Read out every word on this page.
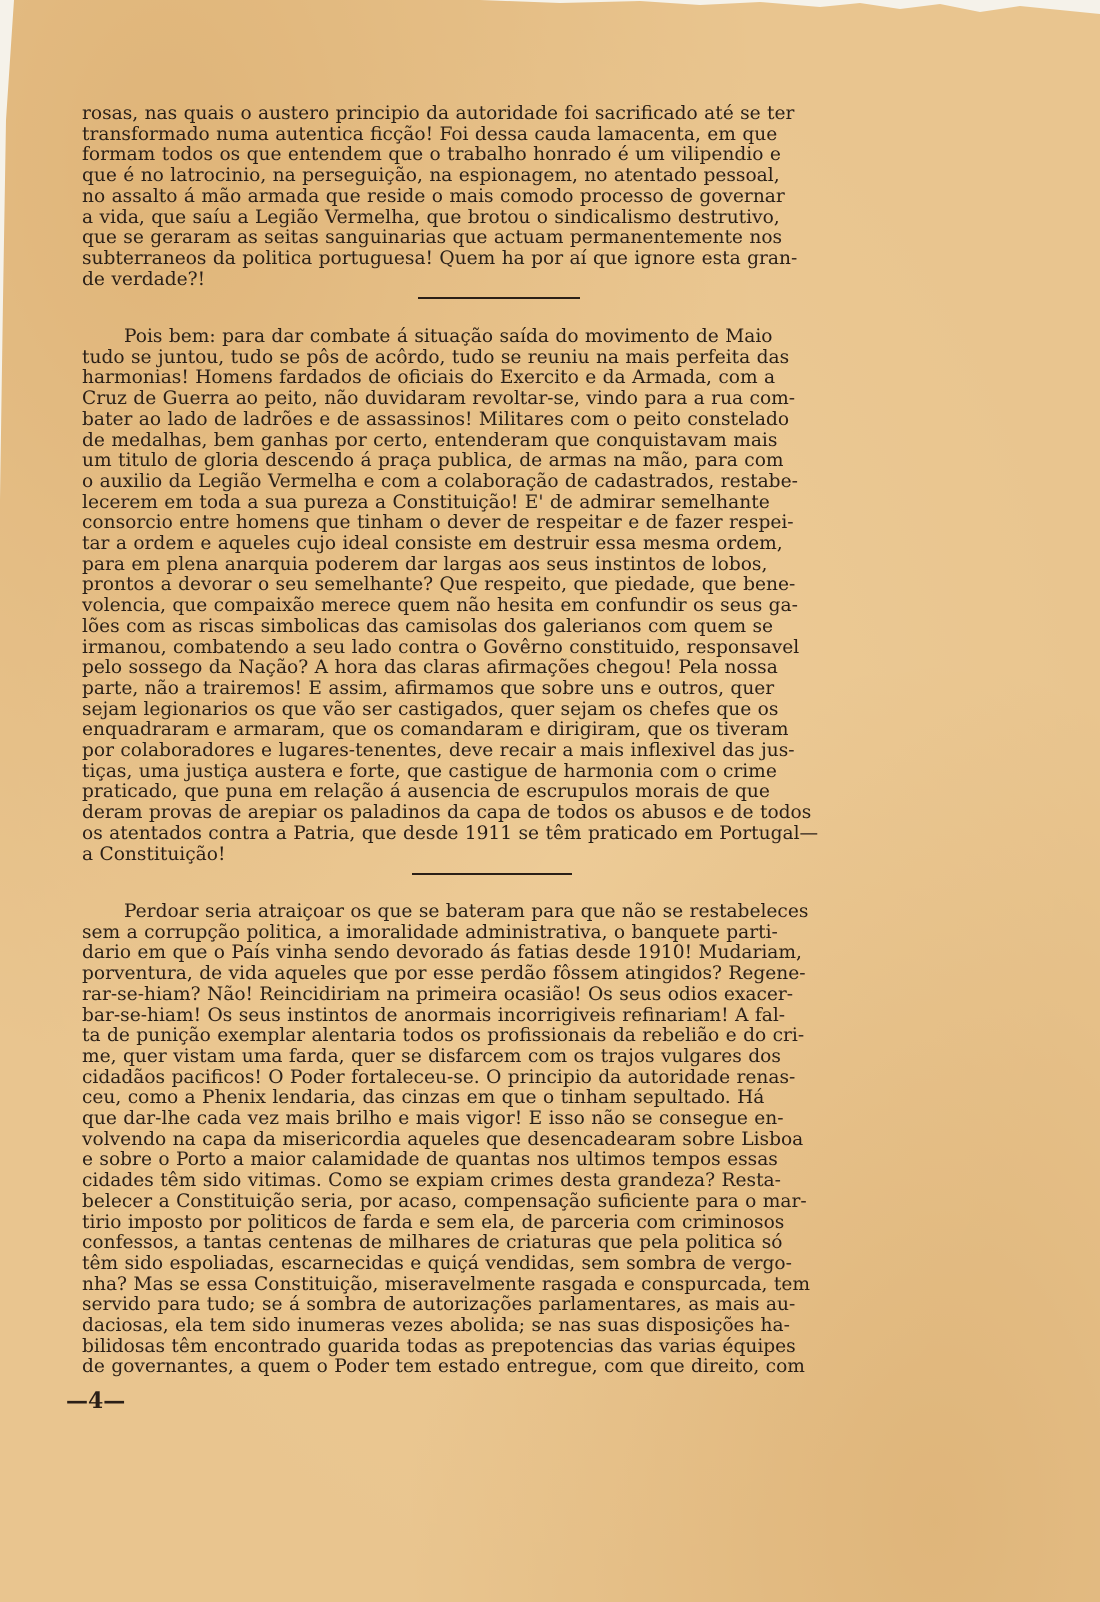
rosas, nas quais o austero principio da autoridade foi sacrificado até se ter

transformado numa autentica ficção! Foi dessa cauda lamacenta, em que

formam todos os que entendem que o trabalho honrado é um vilipendio e

que é no latrocinio, na perseguição, na espionagem, no atentado pessoal,

no assalto á mão armada que reside o mais comodo processo de governar

a vida, que saíu a Legião Vermelha, que brotou o sindicalismo destrutivo,

que se geraram as seitas sanguinarias que actuam permanentemente nos

subterraneos da politica portuguesa! Quem ha por aí que ignore esta gran-

de verdade?!

Pois bem: para dar combate á situação saída do movimento de Maio

tudo se juntou, tudo se pôs de acôrdo, tudo se reuniu na mais perfeita das

harmonias! Homens fardados de oficiais do Exercito e da Armada, com a

Cruz de Guerra ao peito, não duvidaram revoltar-se, vindo para a rua com-

bater ao lado de ladrões e de assassinos! Militares com o peito constelado

de medalhas, bem ganhas por certo, entenderam que conquistavam mais

um titulo de gloria descendo á praça publica, de armas na mão, para com

o auxilio da Legião Vermelha e com a colaboração de cadastrados, restabe-

lecerem em toda a sua pureza a Constituição! E' de admirar semelhante

consorcio entre homens que tinham o dever de respeitar e de fazer respei-

tar a ordem e aqueles cujo ideal consiste em destruir essa mesma ordem,

para em plena anarquia poderem dar largas aos seus instintos de lobos,

prontos a devorar o seu semelhante? Que respeito, que piedade, que bene-

volencia, que compaixão merece quem não hesita em confundir os seus ga-

lões com as riscas simbolicas das camisolas dos galerianos com quem se

irmanou, combatendo a seu lado contra o Govêrno constituido, responsavel

pelo sossego da Nação? A hora das claras afirmações chegou! Pela nossa

parte, não a trairemos! E assim, afirmamos que sobre uns e outros, quer

sejam legionarios os que vão ser castigados, quer sejam os chefes que os

enquadraram e armaram, que os comandaram e dirigiram, que os tiveram

por colaboradores e lugares-tenentes, deve recair a mais inflexivel das jus-

tiças, uma justiça austera e forte, que castigue de harmonia com o crime

praticado, que puna em relação á ausencia de escrupulos morais de que

deram provas de arepiar os paladinos da capa de todos os abusos e de todos

os atentados contra a Patria, que desde 1911 se têm praticado em Portugal—

a Constituição!

Perdoar seria atraiçoar os que se bateram para que não se restabeleces

sem a corrupção politica, a imoralidade administrativa, o banquete parti-

dario em que o País vinha sendo devorado ás fatias desde 1910! Mudariam,

porventura, de vida aqueles que por esse perdão fôssem atingidos? Regene-

rar-se-hiam? Não! Reincidiriam na primeira ocasião! Os seus odios exacer-

bar-se-hiam! Os seus instintos de anormais incorrigiveis refinariam! A fal-

ta de punição exemplar alentaria todos os profissionais da rebelião e do cri-

me, quer vistam uma farda, quer se disfarcem com os trajos vulgares dos

cidadãos pacificos! O Poder fortaleceu-se. O principio da autoridade renas-

ceu, como a Phenix lendaria, das cinzas em que o tinham sepultado. Há

que dar-lhe cada vez mais brilho e mais vigor! E isso não se consegue en-

volvendo na capa da misericordia aqueles que desencadearam sobre Lisboa

e sobre o Porto a maior calamidade de quantas nos ultimos tempos essas

cidades têm sido vitimas. Como se expiam crimes desta grandeza? Resta-

belecer a Constituição seria, por acaso, compensação suficiente para o mar-

tirio imposto por politicos de farda e sem ela, de parceria com criminosos

confessos, a tantas centenas de milhares de criaturas que pela politica só

têm sido espoliadas, escarnecidas e quiçá vendidas, sem sombra de vergo-

nha? Mas se essa Constituição, miseravelmente rasgada e conspurcada, tem

servido para tudo; se á sombra de autorizações parlamentares, as mais au-

daciosas, ela tem sido inumeras vezes abolida; se nas suas disposições ha-

bilidosas têm encontrado guarida todas as prepotencias das varias équipes

de governantes, a quem o Poder tem estado entregue, com que direito, com

—4—
